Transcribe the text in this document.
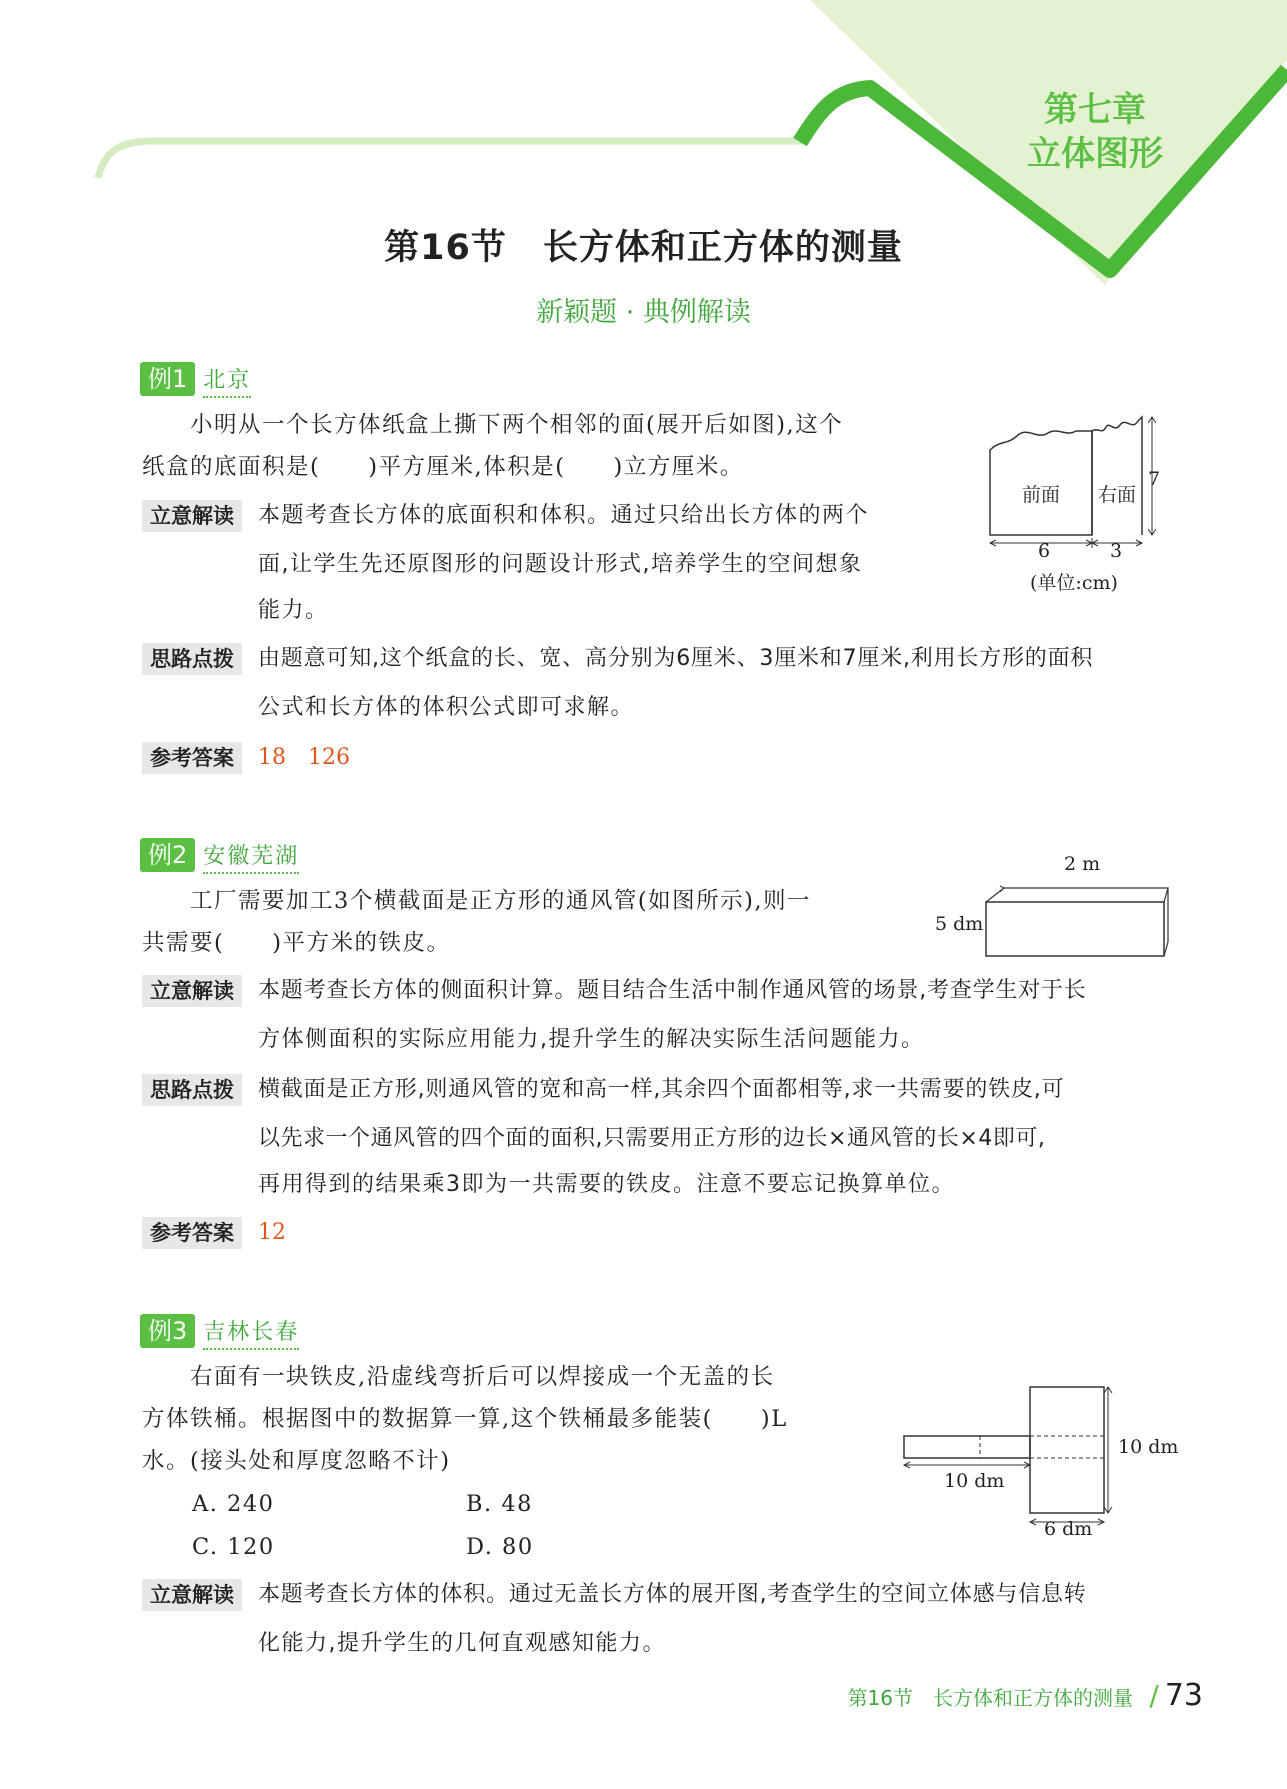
第七章
立体图形
第16节　长方体和正方体的测量
新颖题 · 典例解读
例1 北京
小明从一个长方体纸盒上撕下两个相邻的面(展开后如图),这个
纸盒的底面积是(　　)平方厘米,体积是(　　)立方厘米。
立意解读	本题考查长方体的底面积和体积。通过只给出长方体的两个
面,让学生先还原图形的问题设计形式,培养学生的空间想象
能力。
思路点拨	由题意可知,这个纸盒的长、宽、高分别为6厘米、3厘米和7厘米,利用长方形的面积
公式和长方体的体积公式即可求解。
参考答案	18　126
前面 右面
7
6	3
(单位:cm)
例2 安徽芜湖
工厂需要加工3个横截面是正方形的通风管(如图所示),则一
共需要(　　)平方米的铁皮。
立意解读	本题考查长方体的侧面积计算。题目结合生活中制作通风管的场景,考查学生对于长
方体侧面积的实际应用能力,提升学生的解决实际生活问题能力。
思路点拨	横截面是正方形,则通风管的宽和高一样,其余四个面都相等,求一共需要的铁皮,可
以先求一个通风管的四个面的面积,只需要用正方形的边长×通风管的长×4即可,
再用得到的结果乘3即为一共需要的铁皮。注意不要忘记换算单位。
参考答案	12
2 m
5 dm
例3 吉林长春
右面有一块铁皮,沿虚线弯折后可以焊接成一个无盖的长
方体铁桶。根据图中的数据算一算,这个铁桶最多能装(　　)L
水。(接头处和厚度忽略不计)
A. 240	B. 48
C. 120	D. 80
立意解读	本题考查长方体的体积。通过无盖长方体的展开图,考查学生的空间立体感与信息转
化能力,提升学生的几何直观感知能力。
10 dm
10 dm
6 dm
第16节　长方体和正方体的测量 / 73
